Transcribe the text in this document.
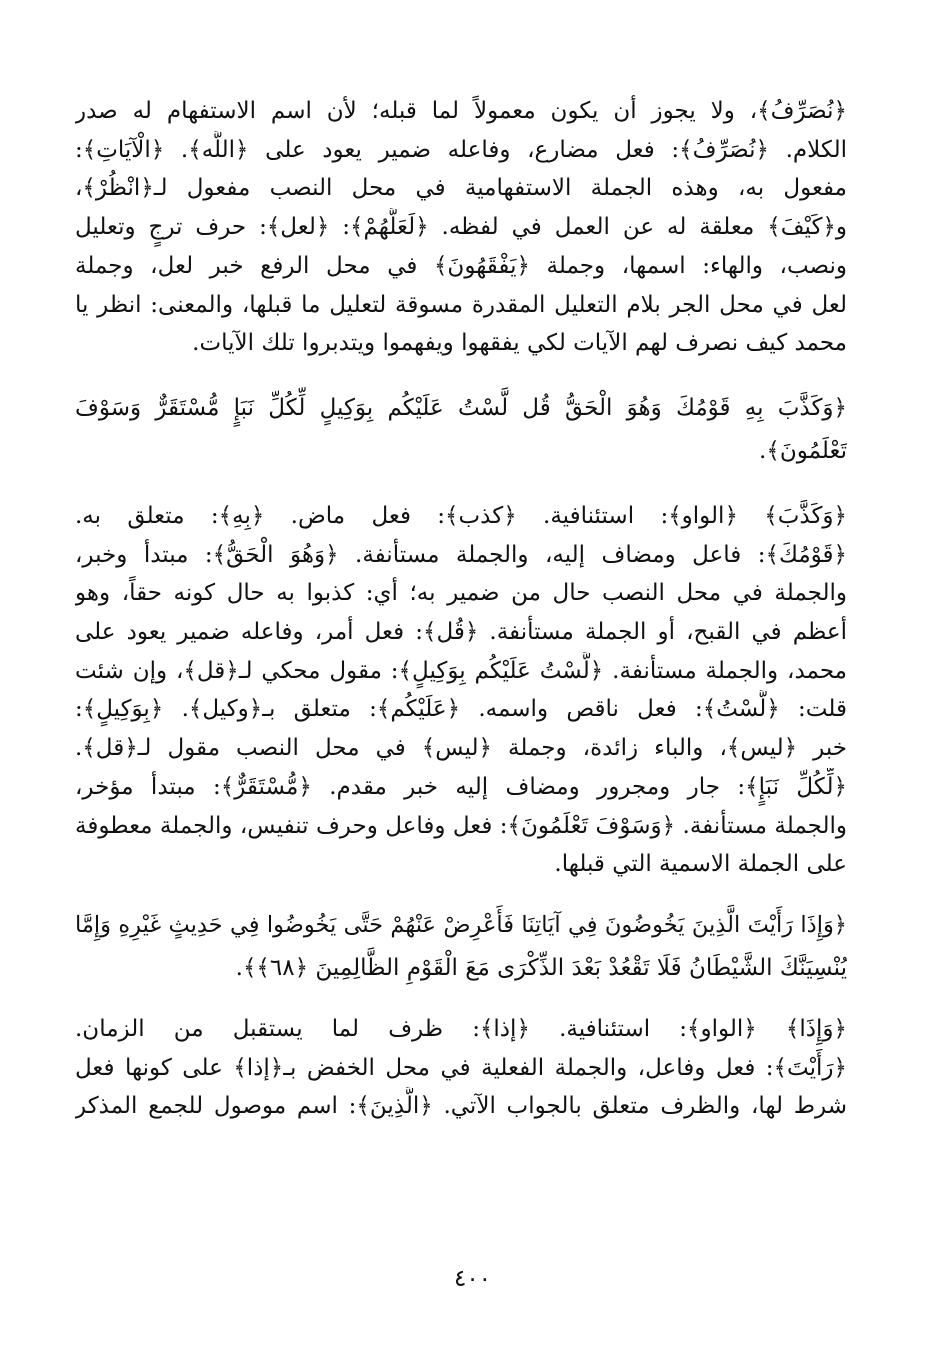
﴿نُصَرِّفُ﴾، ولا يجوز أن يكون معمولاً لما قبله؛ لأن اسم الاستفهام له صدر
الكلام. ﴿نُصَرِّفُ﴾: فعل مضارع، وفاعله ضمير يعود على ﴿اللَّه﴾. ﴿الْآيَاتِ﴾:
مفعول به، وهذه الجملة الاستفهامية في محل النصب مفعول لـ﴿انْظُرْ﴾،
و﴿كَيْفَ﴾ معلقة له عن العمل في لفظه. ﴿لَعَلَّهُمْ﴾: ﴿لعل﴾: حرف ترجٍ وتعليل
ونصب، والهاء: اسمها، وجملة ﴿يَفْقَهُونَ﴾ في محل الرفع خبر لعل، وجملة
لعل في محل الجر بلام التعليل المقدرة مسوقة لتعليل ما قبلها، والمعنى: انظر يا
محمد كيف نصرف لهم الآيات لكي يفقهوا ويفهموا ويتدبروا تلك الآيات.

﴿وَكَذَّبَ بِهِ قَوْمُكَ وَهُوَ الْحَقُّ قُل لَّسْتُ عَلَيْكُم بِوَكِيلٍ لِّكُلِّ نَبَإٍ مُّسْتَقَرٌّ وَسَوْفَ
تَعْلَمُونَ﴾.

﴿وَكَذَّبَ﴾ ﴿الواو﴾: استئنافية. ﴿كذب﴾: فعل ماض. ﴿بِهِ﴾: متعلق به.
﴿قَوْمُكَ﴾: فاعل ومضاف إليه، والجملة مستأنفة. ﴿وَهُوَ الْحَقُّ﴾: مبتدأ وخبر،
والجملة في محل النصب حال من ضمير به؛ أي: كذبوا به حال كونه حقاً، وهو
أعظم في القبح، أو الجملة مستأنفة. ﴿قُل﴾: فعل أمر، وفاعله ضمير يعود على
محمد، والجملة مستأنفة. ﴿لَّسْتُ عَلَيْكُم بِوَكِيلٍ﴾: مقول محكي لـ﴿قل﴾، وإن شئت
قلت: ﴿لَّسْتُ﴾: فعل ناقص واسمه. ﴿عَلَيْكُم﴾: متعلق بـ﴿وكيل﴾. ﴿بِوَكِيلٍ﴾:
خبر ﴿ليس﴾، والباء زائدة، وجملة ﴿ليس﴾ في محل النصب مقول لـ﴿قل﴾.
﴿لِّكُلِّ نَبَإٍ﴾: جار ومجرور ومضاف إليه خبر مقدم. ﴿مُّسْتَقَرٌّ﴾: مبتدأ مؤخر،
والجملة مستأنفة. ﴿وَسَوْفَ تَعْلَمُونَ﴾: فعل وفاعل وحرف تنفيس، والجملة معطوفة
على الجملة الاسمية التي قبلها.

﴿وَإِذَا رَأَيْتَ الَّذِينَ يَخُوضُونَ فِي آيَاتِنَا فَأَعْرِضْ عَنْهُمْ حَتَّى يَخُوضُوا فِي حَدِيثٍ غَيْرِهِ وَإِمَّا
يُنْسِيَنَّكَ الشَّيْطَانُ فَلَا تَقْعُدْ بَعْدَ الذِّكْرَى مَعَ الْقَوْمِ الظَّالِمِينَ ﴿٦٨﴾﴾.

﴿وَإِذَا﴾ ﴿الواو﴾: استئنافية. ﴿إذا﴾: ظرف لما يستقبل من الزمان.
﴿رَأَيْتَ﴾: فعل وفاعل، والجملة الفعلية في محل الخفض بـ﴿إذا﴾ على كونها فعل
شرط لها، والظرف متعلق بالجواب الآتي. ﴿الَّذِينَ﴾: اسم موصول للجمع المذكر

٤٠٠
